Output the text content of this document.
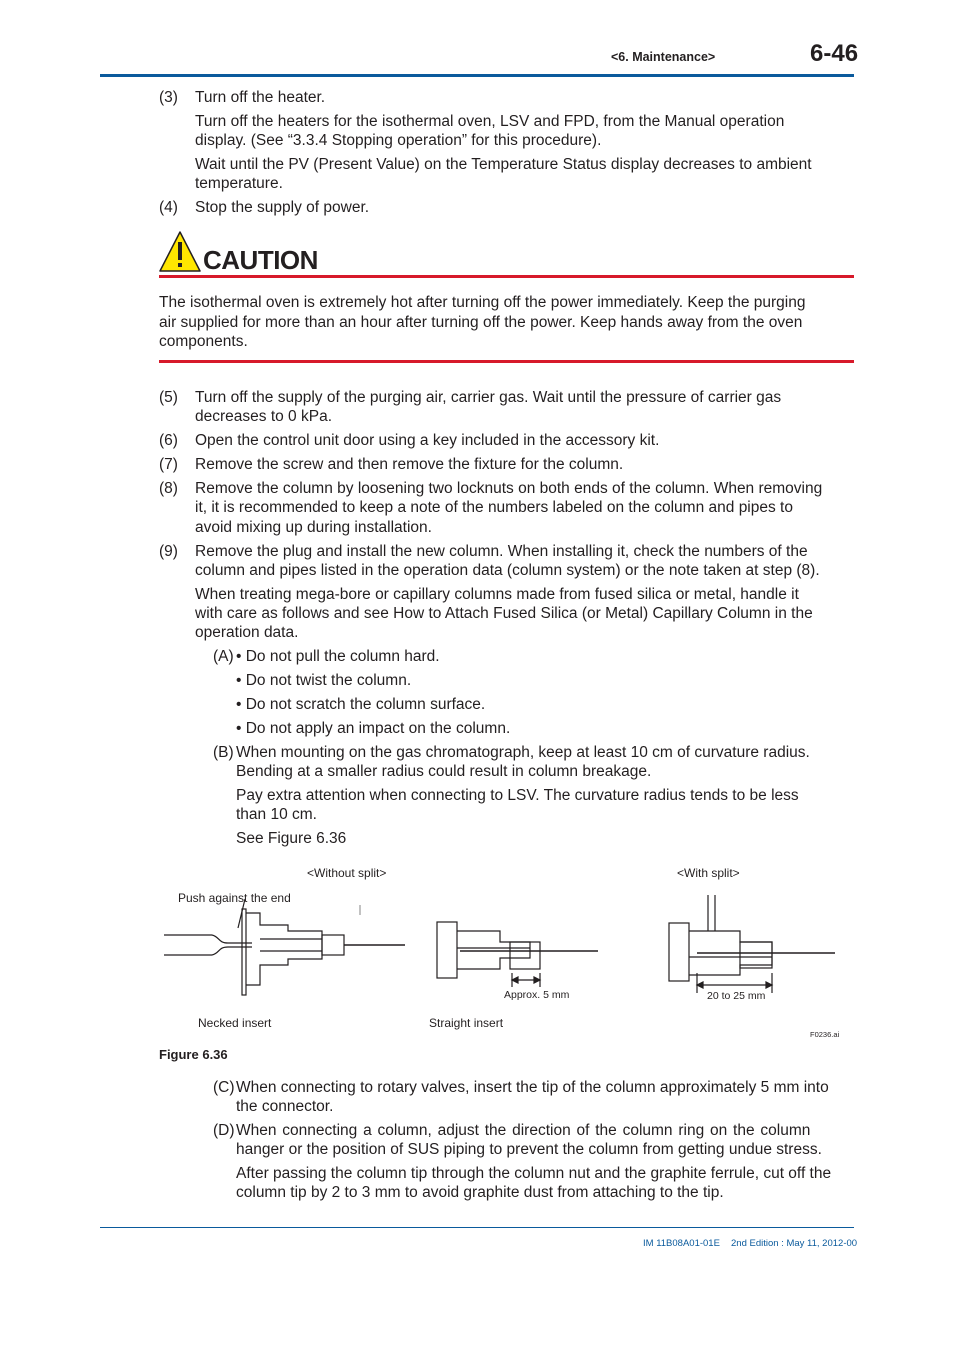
<6. Maintenance>	6-46
(3) Turn off the heater.
Turn off the heaters for the isothermal oven, LSV and FPD, from the Manual operation
display. (See “3.3.4 Stopping operation” for this procedure).
Wait until the PV (Present Value) on the Temperature Status display decreases to ambient
temperature.
(4) Stop the supply of power.
CAUTION
The isothermal oven is extremely hot after turning off the power immediately. Keep the purging
air supplied for more than an hour after turning off the power. Keep hands away from the oven
components.
(5) Turn off the supply of the purging air, carrier gas. Wait until the pressure of carrier gas
decreases to 0 kPa.
(6) Open the control unit door using a key included in the accessory kit.
(7) Remove the screw and then remove the fixture for the column.
(8) Remove the column by loosening two locknuts on both ends of the column. When removing
it, it is recommended to keep a note of the numbers labeled on the column and pipes to
avoid mixing up during installation.
(9) Remove the plug and install the new column. When installing it, check the numbers of the
column and pipes listed in the operation data (column system) or the note taken at step (8).
When treating mega-bore or capillary columns made from fused silica or metal, handle it
with care as follows and see How to Attach Fused Silica (or Metal) Capillary Column in the
operation data.
(A) • Do not pull the column hard.
• Do not twist the column.
• Do not scratch the column surface.
• Do not apply an impact on the column.
(B) When mounting on the gas chromatograph, keep at least 10 cm of curvature radius.
Bending at a smaller radius could result in column breakage.
Pay extra attention when connecting to LSV. The curvature radius tends to be less
than 10 cm.
See Figure 6.36
<Without split>	<With split>
Push against the end
Approx. 5 mm	20 to 25 mm
Necked insert	Straight insert
F0236.ai
Figure 6.36
(C) When connecting to rotary valves, insert the tip of the column approximately 5 mm into
the connector.
(D) When connecting a column, adjust the direction of the column ring on the column
hanger or the position of SUS piping to prevent the column from getting undue stress.
After passing the column tip through the column nut and the graphite ferrule, cut off the
column tip by 2 to 3 mm to avoid graphite dust from attaching to the tip.
IM 11B08A01-01E 2nd Edition : May 11, 2012-00
